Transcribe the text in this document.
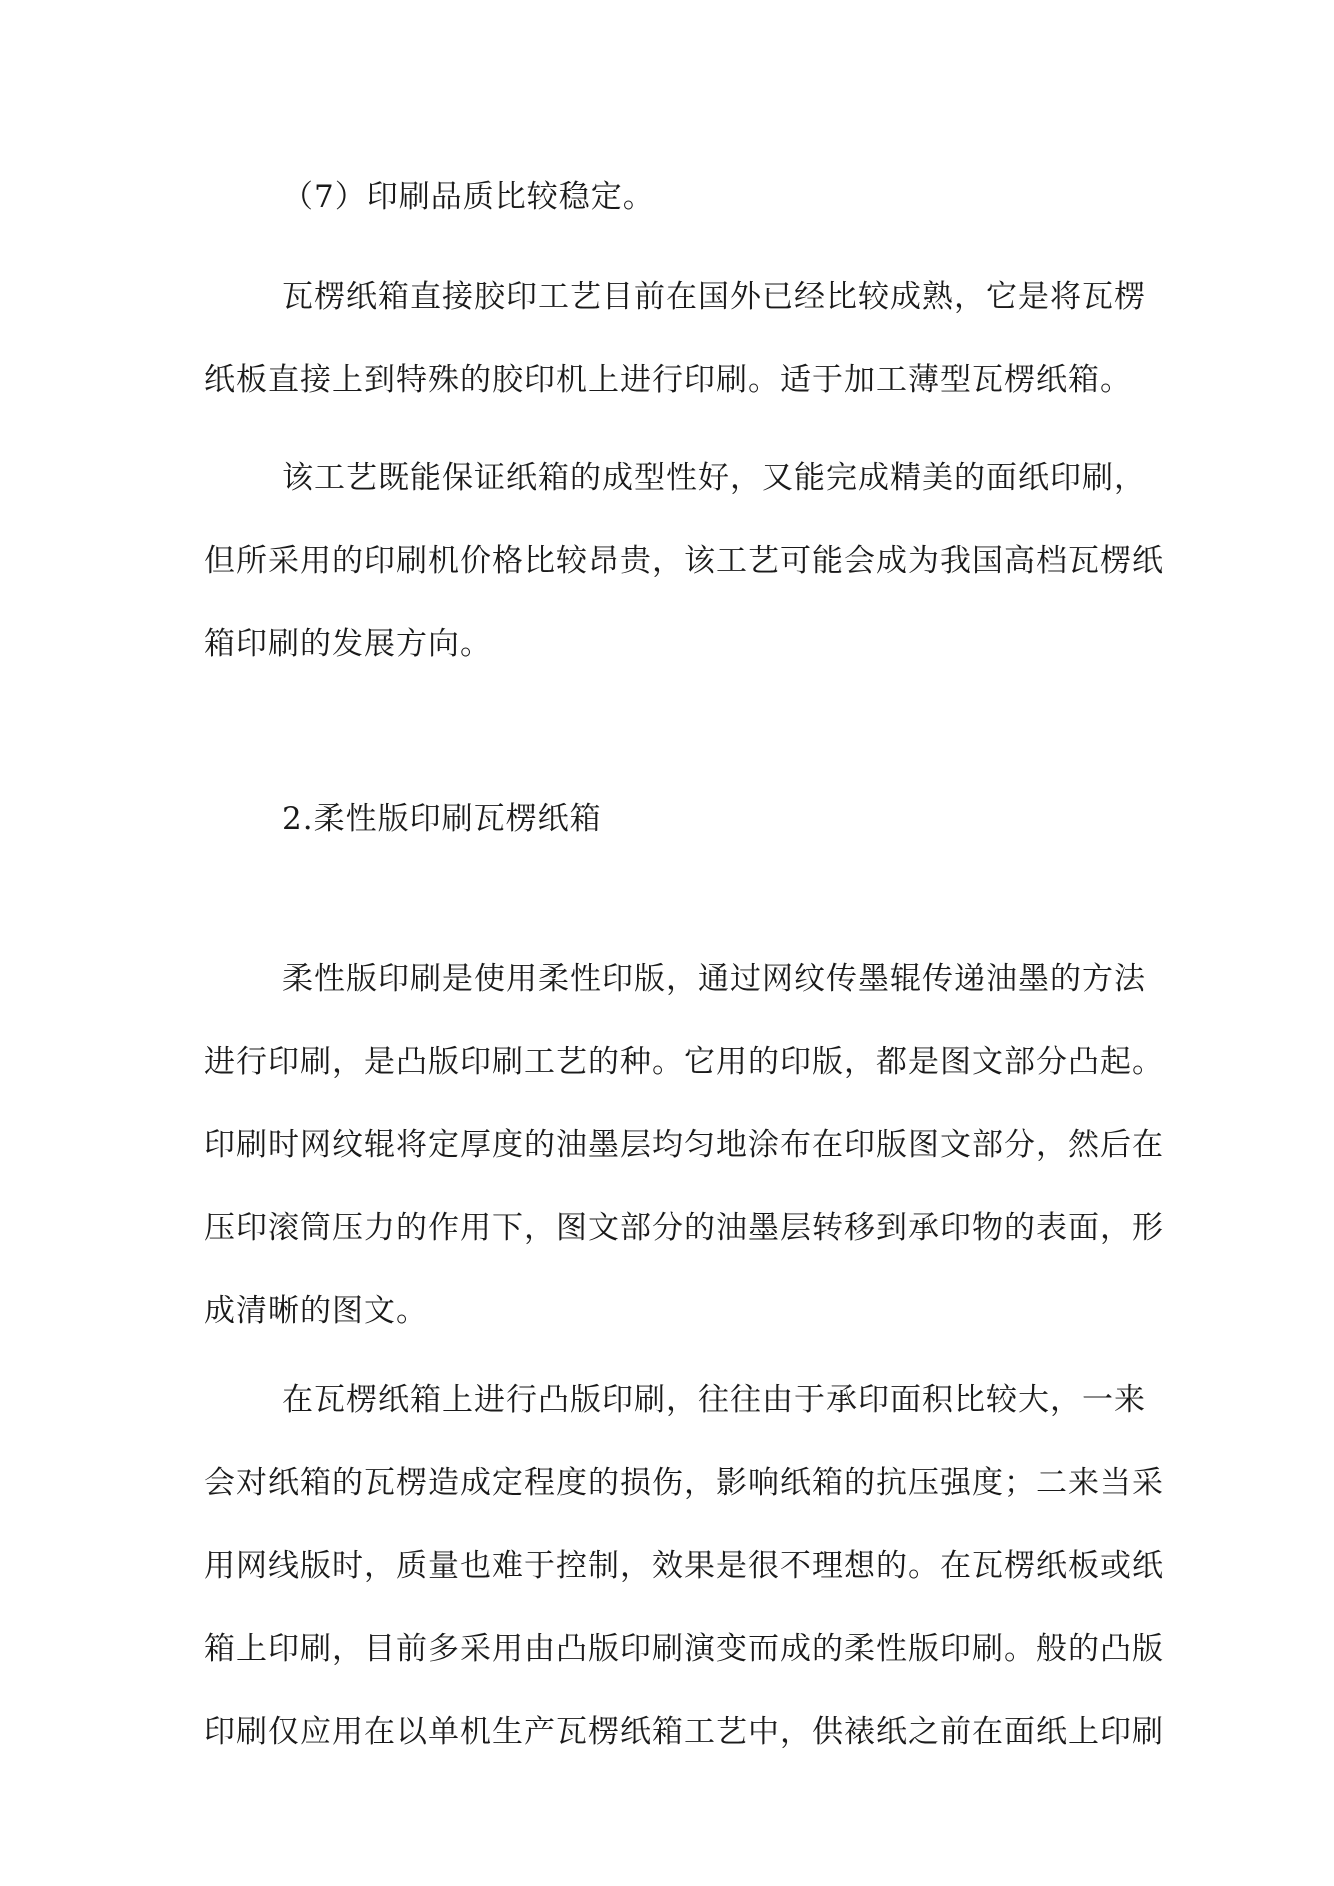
（7）印刷品质比较稳定。

瓦楞纸箱直接胶印工艺目前在国外已经比较成熟，它是将瓦楞
纸板直接上到特殊的胶印机上进行印刷。适于加工薄型瓦楞纸箱。

该工艺既能保证纸箱的成型性好，又能完成精美的面纸印刷，
但所采用的印刷机价格比较昂贵，该工艺可能会成为我国高档瓦楞纸
箱印刷的发展方向。

2.柔性版印刷瓦楞纸箱

柔性版印刷是使用柔性印版，通过网纹传墨辊传递油墨的方法
进行印刷，是凸版印刷工艺的种。它用的印版，都是图文部分凸起。
印刷时网纹辊将定厚度的油墨层均匀地涂布在印版图文部分，然后在
压印滚筒压力的作用下，图文部分的油墨层转移到承印物的表面，形
成清晰的图文。

在瓦楞纸箱上进行凸版印刷，往往由于承印面积比较大，一来
会对纸箱的瓦楞造成定程度的损伤，影响纸箱的抗压强度；二来当采
用网线版时，质量也难于控制，效果是很不理想的。在瓦楞纸板或纸
箱上印刷，目前多采用由凸版印刷演变而成的柔性版印刷。般的凸版
印刷仅应用在以单机生产瓦楞纸箱工艺中，供裱纸之前在面纸上印刷
